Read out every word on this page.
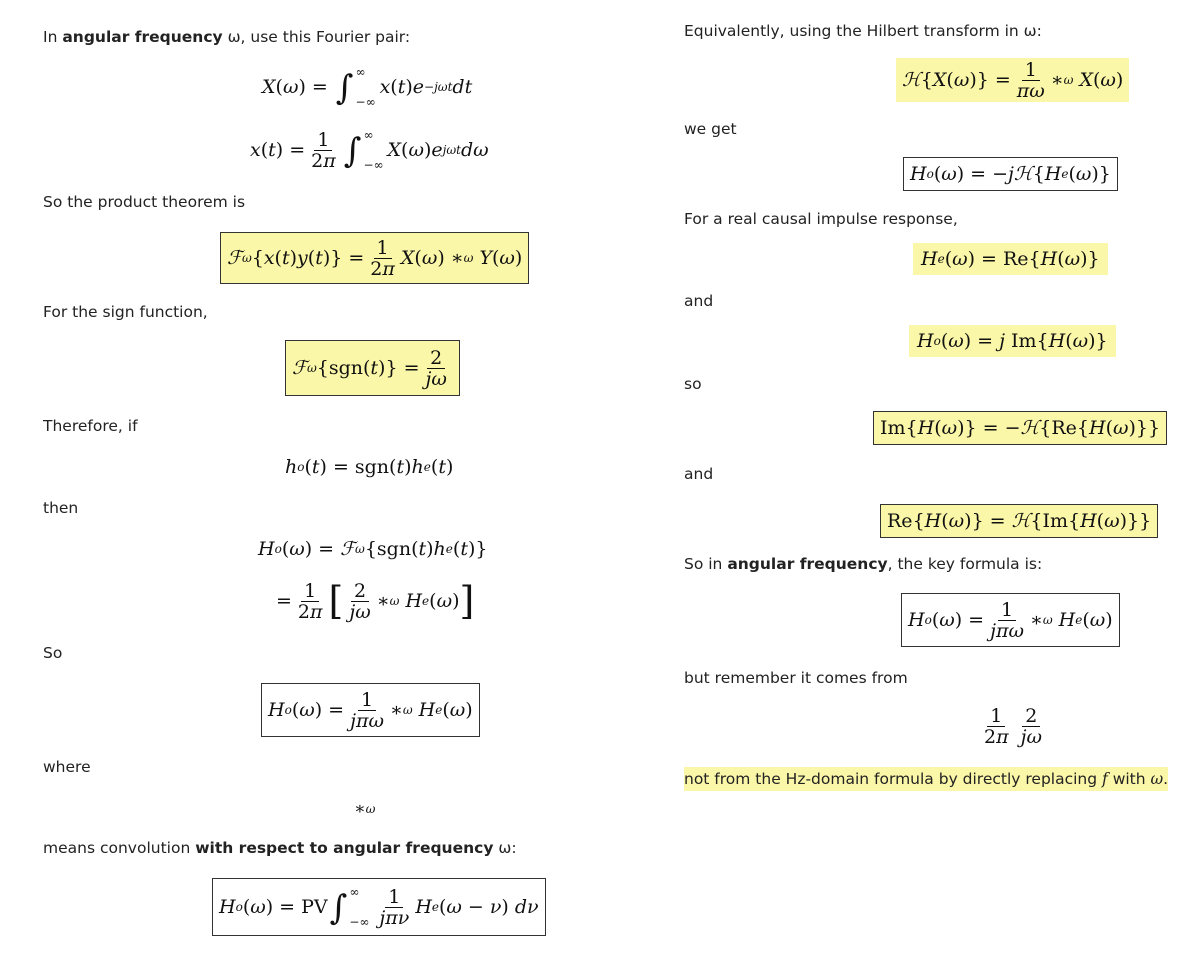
In angular frequency ω, use this Fourier pair:
X ( ω ) = ∫ ∞
−∞
x ( t ) e −jωt dt
x ( t ) = $\frac{1}{2\pi}$ ∫ ∞
−∞
X ( ω ) e jωt dω
So the product theorem is
ℱ ω { x ( t ) y ( t )} = $\frac{1}{2\pi}$ X ( ω ) ∗ ω Y ( ω )
For the sign function,
ℱ ω { sgn ( t )} = $\frac{2}{j\omega}$
Therefore, if
h o ( t ) = sgn ( t ) h e ( t )
then
H o ( ω ) = ℱ ω { sgn ( t ) h e ( t )}
= $\frac{1}{2\pi}$ [ $\frac{2}{j\omega}$ ∗ ω H e ( ω ) ]
So
H o ( ω ) = $\frac{1}{\text{jπω}}$ ∗ ω H e ( ω )
where
∗ ω
means convolution with respect to angular frequency ω:
H o ( ω ) = PV ∫ ∞
−∞ $\frac{1}{\text{jπν}}$ H e ( ω − ν ) dν
Equivalently, using the Hilbert transform in ω:
ℋ { X ( ω )} = $\frac{1}{\pi\omega}$ ∗ ω X ( ω )
we get
H o ( ω ) = − j ℋ { H e ( ω )}
For a real causal impulse response,
H e ( ω ) = Re { H ( ω )}
and
H o ( ω ) = j Im { H ( ω )}
so
Im { H ( ω )} = − ℋ { Re { H ( ω )}}
and
Re { H ( ω )} = ℋ { Im { H ( ω )}}
So in angular frequency, the key formula is:
H o ( ω ) = $\frac{1}{\text{jπω}}$ ∗ ω H e ( ω )
but remember it comes from
$\frac{1}{2\pi} \frac{2}{j\omega}$
not from the Hz-domain formula by directly replacing f with ω.
